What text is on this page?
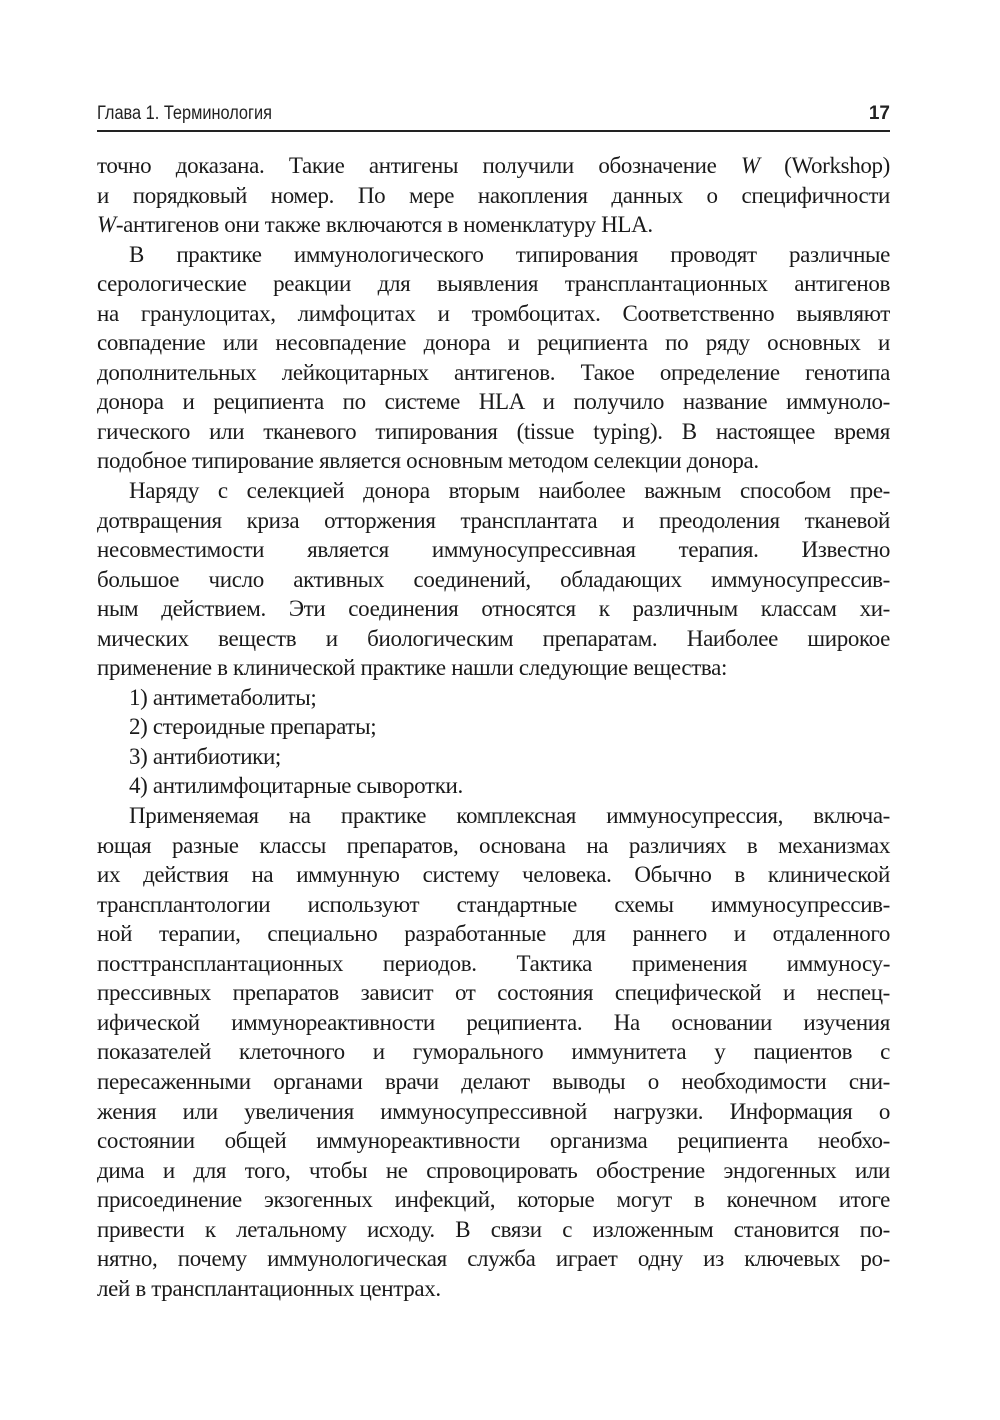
Глава 1. Терминология	17
точно доказана. Такие антигены получили обозначение W (Workshop)
и порядковый номер. По мере накопления данных о специфичности
W-антигенов они также включаются в номенклатуру HLA.
В практике иммунологического типирования проводят различные
серологические реакции для выявления трансплантационных антигенов
на гранулоцитах, лимфоцитах и тромбоцитах. Соответственно выявляют
совпадение или несовпадение донора и реципиента по ряду основных и
дополнительных лейкоцитарных антигенов. Такое определение генотипа
донора и реципиента по системе HLA и получило название иммуноло-
гического или тканевого типирования (tissue typing). В настоящее время
подобное типирование является основным методом селекции донора.
Наряду с селекцией донора вторым наиболее важным способом пре-
дотвращения криза отторжения трансплантата и преодоления тканевой
несовместимости является иммуносупрессивная терапия. Известно
большое число активных соединений, обладающих иммуносупрессив-
ным действием. Эти соединения относятся к различным классам хи-
мических веществ и биологическим препаратам. Наиболее широкое
применение в клинической практике нашли следующие вещества:
1) антиметаболиты;
2) стероидные препараты;
3) антибиотики;
4) антилимфоцитарные сыворотки.
Применяемая на практике комплексная иммуносупрессия, включа-
ющая разные классы препаратов, основана на различиях в механизмах
их действия на иммунную систему человека. Обычно в клинической
трансплантологии используют стандартные схемы иммуносупрессив-
ной терапии, специально разработанные для раннего и отдаленного
посттрансплантационных периодов. Тактика применения иммуносу-
прессивных препаратов зависит от состояния специфической и неспец-
ифической иммунореактивности реципиента. На основании изучения
показателей клеточного и гуморального иммунитета у пациентов с
пересаженными органами врачи делают выводы о необходимости сни-
жения или увеличения иммуносупрессивной нагрузки. Информация о
состоянии общей иммунореактивности организма реципиента необхо-
дима и для того, чтобы не спровоцировать обострение эндогенных или
присоединение экзогенных инфекций, которые могут в конечном итоге
привести к летальному исходу. В связи с изложенным становится по-
нятно, почему иммунологическая служба играет одну из ключевых ро-
лей в трансплантационных центрах.
